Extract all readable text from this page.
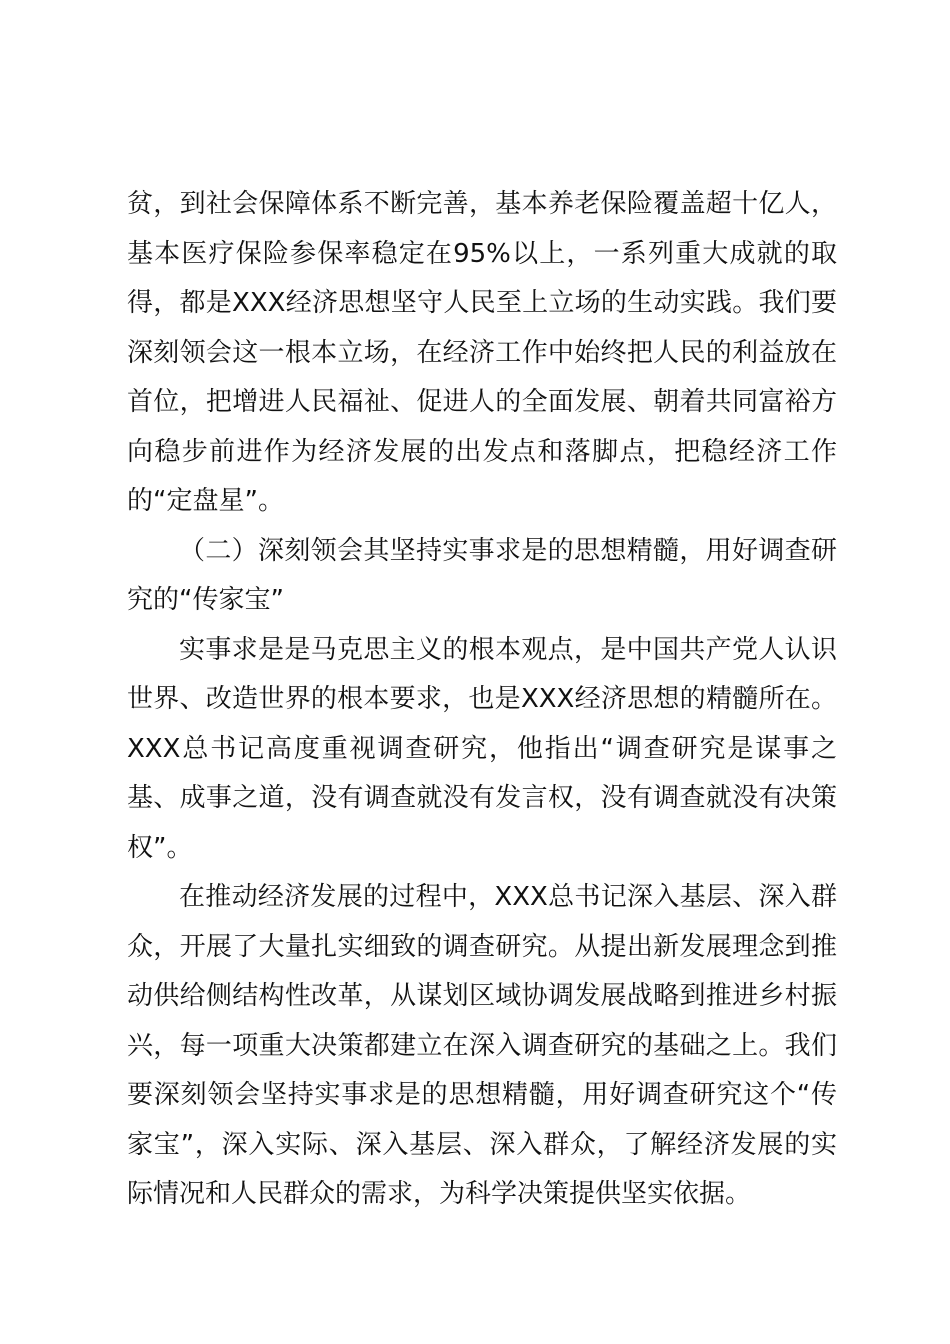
贫，到社会保障体系不断完善，基本养老保险覆盖超十亿人，基本医疗保险参保率稳定在95%以上，一系列重大成就的取得，都是XXX经济思想坚守人民至上立场的生动实践。我们要深刻领会这一根本立场，在经济工作中始终把人民的利益放在首位，把增进人民福祉、促进人的全面发展、朝着共同富裕方向稳步前进作为经济发展的出发点和落脚点，把稳经济工作的“定盘星”。

（二）深刻领会其坚持实事求是的思想精髓，用好调查研究的“传家宝”

实事求是是马克思主义的根本观点，是中国共产党人认识世界、改造世界的根本要求，也是XXX经济思想的精髓所在。XXX总书记高度重视调查研究，他指出“调查研究是谋事之基、成事之道，没有调查就没有发言权，没有调查就没有决策权”。

在推动经济发展的过程中，XXX总书记深入基层、深入群众，开展了大量扎实细致的调查研究。从提出新发展理念到推动供给侧结构性改革，从谋划区域协调发展战略到推进乡村振兴，每一项重大决策都建立在深入调查研究的基础之上。我们要深刻领会坚持实事求是的思想精髓，用好调查研究这个“传家宝”，深入实际、深入基层、深入群众，了解经济发展的实际情况和人民群众的需求，为科学决策提供坚实依据。
